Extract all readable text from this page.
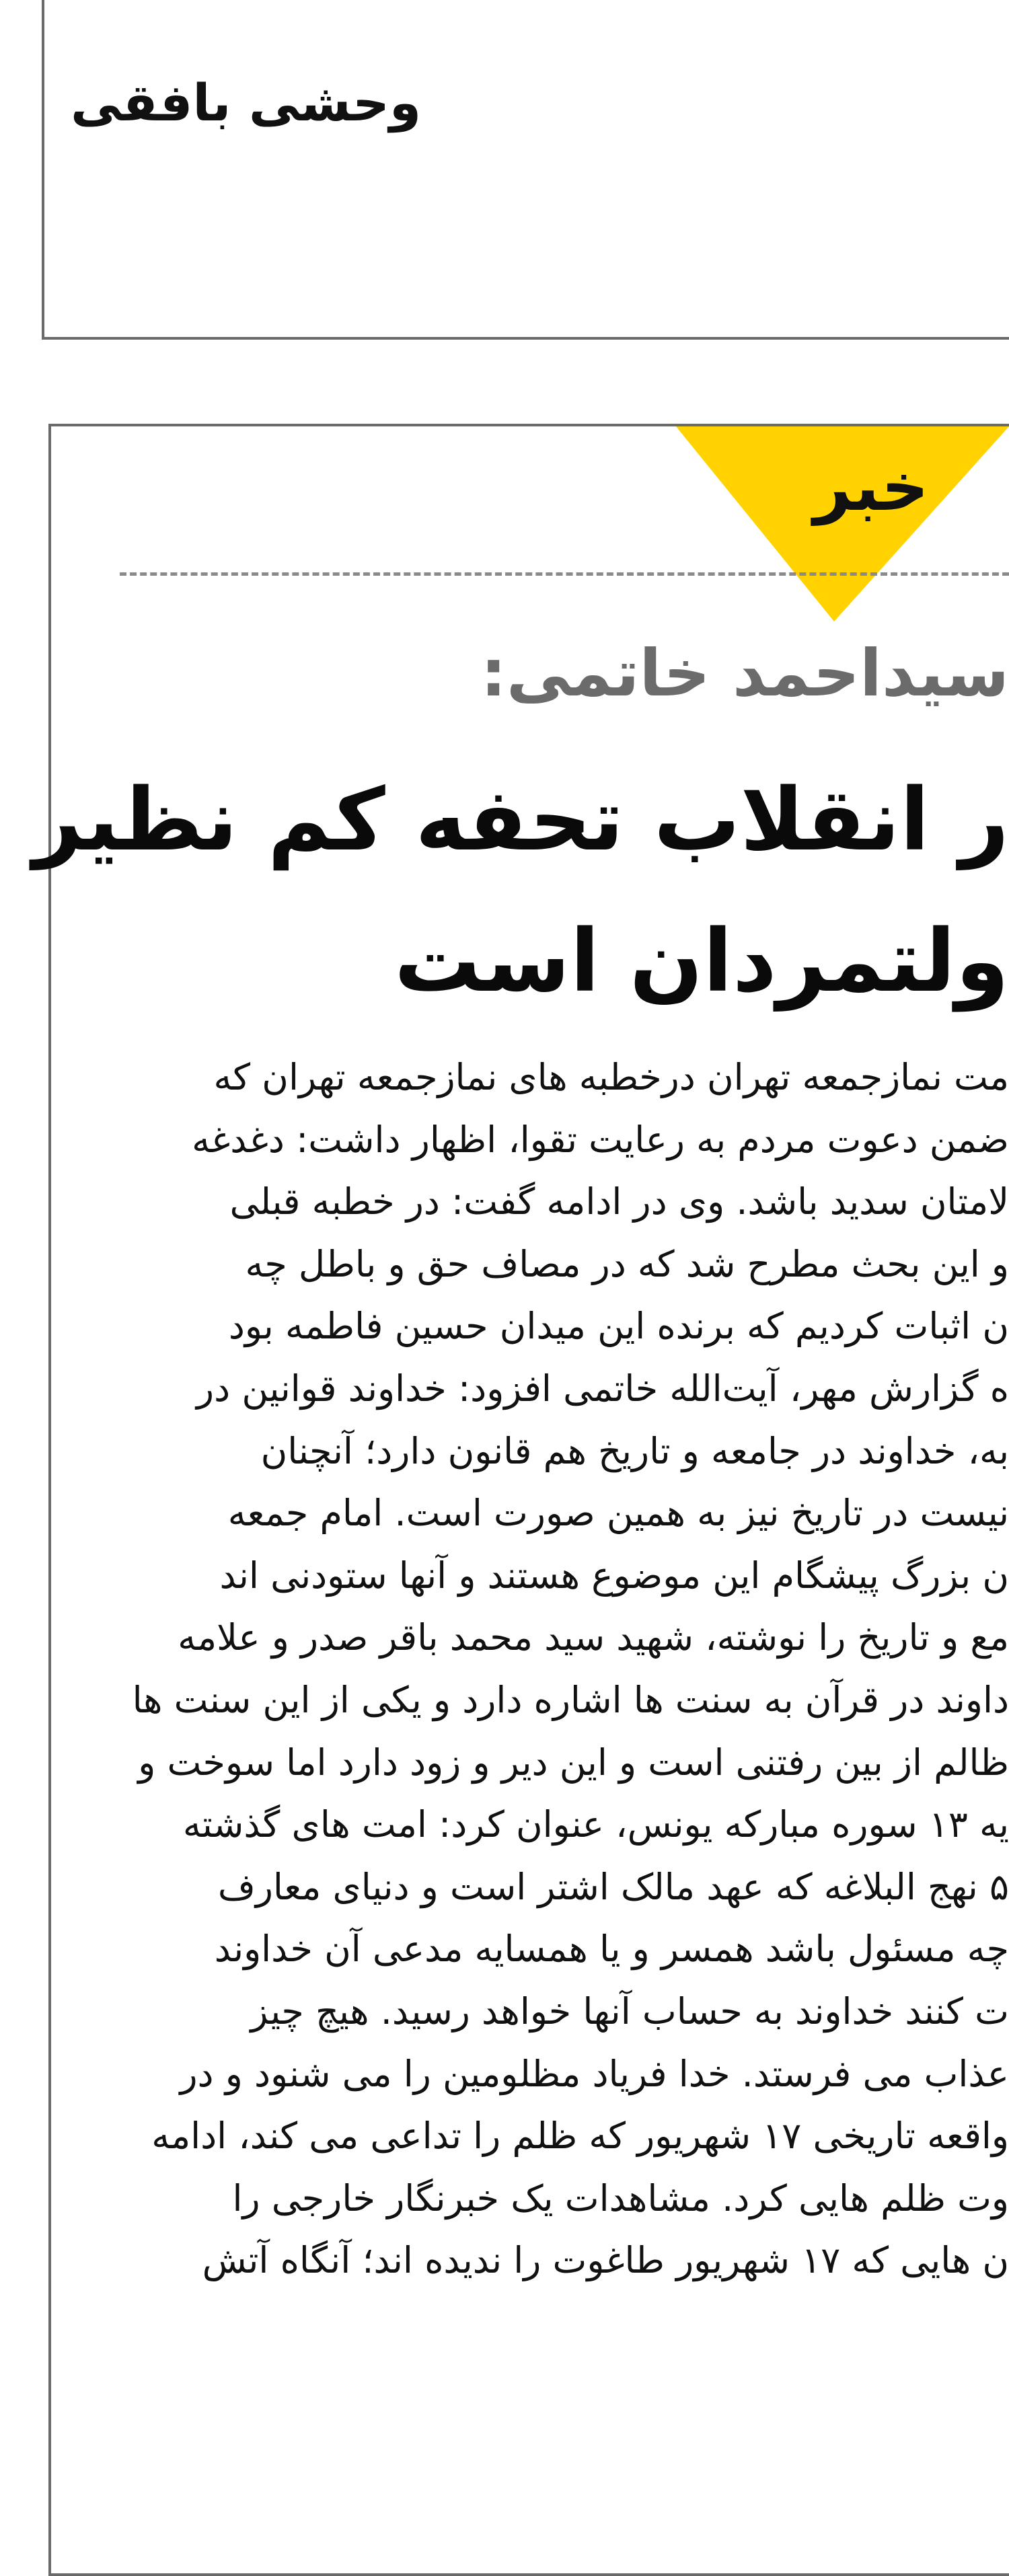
وحشی بافقی
خبر
سیداحمد خاتمی:
ر انقلاب تحفه کم نظیر
ولتمردان است
مت نمازجمعه تهران درخطبه های نمازجمعه تهران که
ضمن دعوت مردم به رعایت تقوا، اظهار داشت: دغدغه
لامتان سدید باشد. وی در ادامه گفت: در خطبه قبلی
و این بحث مطرح شد که در مصاف حق و باطل چه
ن اثبات کردیم که برنده این میدان حسین فاطمه بود
ه گزارش مهر، آیت‌الله خاتمی افزود: خداوند قوانین در
به، خداوند در جامعه و تاریخ هم قانون دارد؛ آنچنان
نیست در تاریخ نیز به همین صورت است. امام جمعه
ن بزرگ پیشگام این موضوع هستند و آنها ستودنی اند
مع و تاریخ را نوشته، شهید سید محمد باقر صدر و علامه
داوند در قرآن به سنت ها اشاره دارد و یکی از این سنت ها
ظالم از بین رفتنی است و این دیر و زود دارد اما سوخت و
یه ۱۳ سوره مبارکه یونس، عنوان کرد: امت های گذشته
۵ نهج البلاغه که عهد مالک اشتر است و دنیای معارف
چه مسئول باشد همسر و یا همسایه مدعی آن خداوند
ت کنند خداوند به حساب آنها خواهد رسید. هیچ چیز
عذاب می فرستد. خدا فریاد مظلومین را می شنود و در
واقعه تاریخی ۱۷ شهریور که ظلم را تداعی می کند، ادامه
وت ظلم هایی کرد. مشاهدات یک خبرنگار خارجی را
ن هایی که ۱۷ شهریور طاغوت را ندیده اند؛ آنگاه آتش
